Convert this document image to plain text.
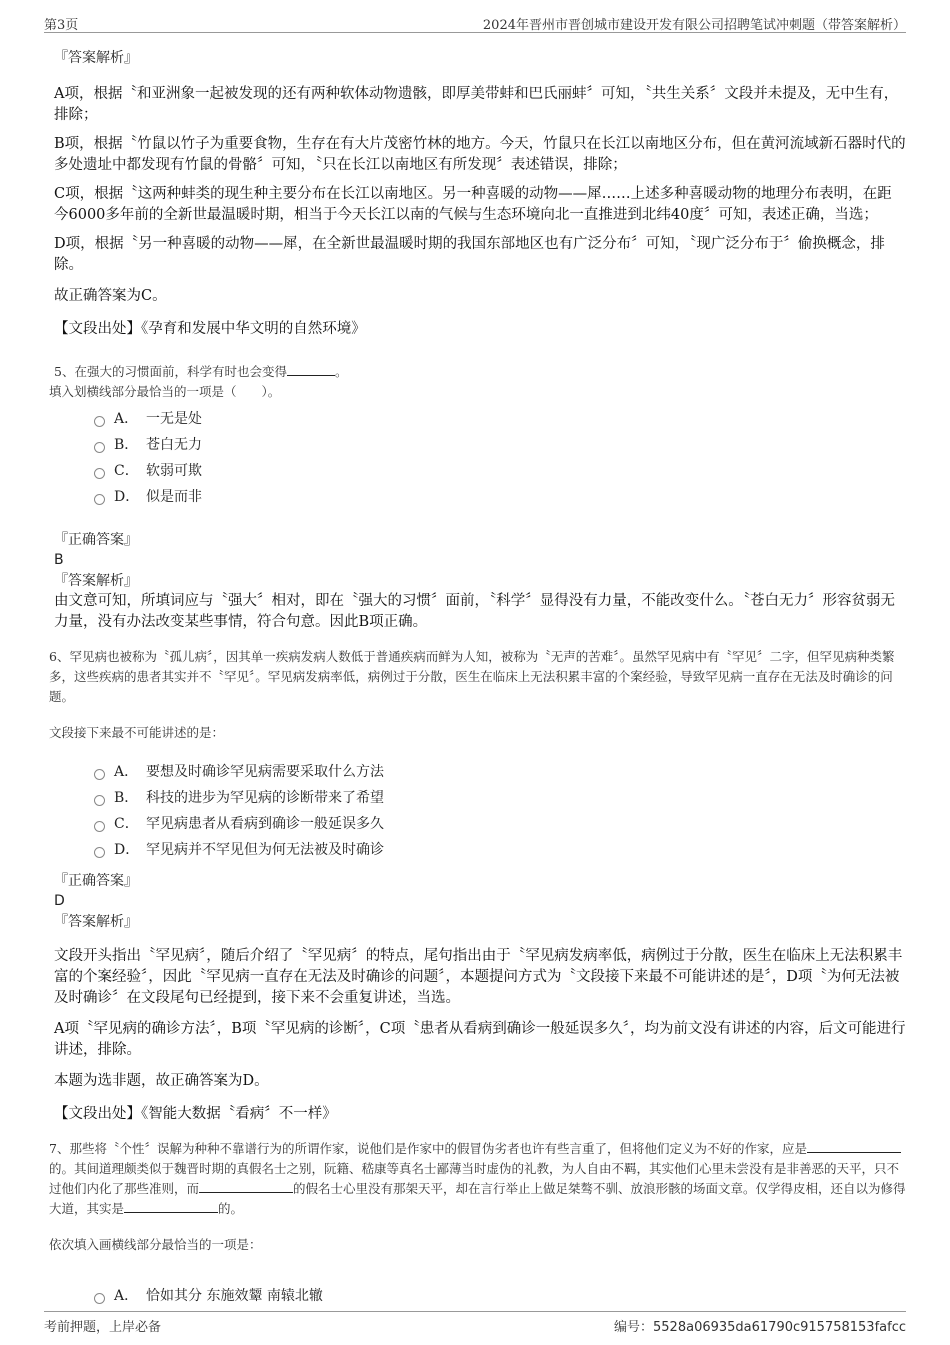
第3页	2024年晋州市晋创城市建设开发有限公司招聘笔试冲刺题（带答案解析）

『答案解析』

A项，根据〝和亚洲象一起被发现的还有两种软体动物遗骸，即厚美带蚌和巴氏丽蚌〞可知，〝共生关系〞文段并未提及，无中生有，排除；

B项，根据〝竹鼠以竹子为重要食物，生存在有大片茂密竹林的地方。今天，竹鼠只在长江以南地区分布，但在黄河流域新石器时代的多处遗址中都发现有竹鼠的骨骼〞可知，〝只在长江以南地区有所发现〞表述错误，排除；

C项，根据〝这两种蚌类的现生种主要分布在长江以南地区。另一种喜暖的动物——犀……上述多种喜暖动物的地理分布表明，在距今6000多年前的全新世最温暖时期，相当于今天长江以南的气候与生态环境向北一直推进到北纬40度〞可知，表述正确，当选；

D项，根据〝另一种喜暖的动物——犀，在全新世最温暖时期的我国东部地区也有广泛分布〞可知，〝现广泛分布于〞偷换概念，排除。

故正确答案为C。

【文段出处】《孕育和发展中华文明的自然环境》

5、在强大的习惯面前，科学有时也会变得	。

填入划横线部分最恰当的一项是（　　）。

A． 一无是处
B． 苍白无力
C． 软弱可欺
D． 似是而非

『正确答案』

B

『答案解析』

由文意可知，所填词应与〝强大〞相对，即在〝强大的习惯〞面前，〝科学〞显得没有力量，不能改变什么。〝苍白无力〞形容贫弱无力量，没有办法改变某些事情，符合句意。因此B项正确。

6、罕见病也被称为〝孤儿病〞，因其单一疾病发病人数低于普通疾病而鲜为人知，被称为〝无声的苦难〞。虽然罕见病中有〝罕见〞二字，但罕见病种类繁多，这些疾病的患者其实并不〝罕见〞。罕见病发病率低，病例过于分散，医生在临床上无法积累丰富的个案经验，导致罕见病一直存在无法及时确诊的问题。

文段接下来最不可能讲述的是：

A． 要想及时确诊罕见病需要采取什么方法
B． 科技的进步为罕见病的诊断带来了希望
C． 罕见病患者从看病到确诊一般延误多久
D． 罕见病并不罕见但为何无法被及时确诊

『正确答案』

D

『答案解析』

文段开头指出〝罕见病〞，随后介绍了〝罕见病〞的特点，尾句指出由于〝罕见病发病率低，病例过于分散，医生在临床上无法积累丰富的个案经验〞，因此〝罕见病一直存在无法及时确诊的问题〞，本题提问方式为〝文段接下来最不可能讲述的是〞，D项〝为何无法被及时确诊〞在文段尾句已经提到，接下来不会重复讲述，当选。

A项〝罕见病的确诊方法〞，B项〝罕见病的诊断〞，C项〝患者从看病到确诊一般延误多久〞，均为前文没有讲述的内容，后文可能进行讲述，排除。

本题为选非题，故正确答案为D。

【文段出处】《智能大数据〝看病〞不一样》

7、那些将〝个性〞误解为种种不靠谱行为的所谓作家，说他们是作家中的假冒伪劣者也许有些言重了，但将他们定义为不好的作家，应是的。其间道理颇类似于魏晋时期的真假名士之别，阮籍、嵇康等真名士鄙薄当时虚伪的礼教，为人自由不羁，其实他们心里未尝没有是非善恶的天平，只不过他们内化了那些准则，而	的假名士心里没有那架天平，却在言行举止上做足桀骜不驯、放浪形骸的场面文章。仅学得皮相，还自以为修得大道，其实是	的。

依次填入画横线部分最恰当的一项是：

A． 恰如其分 东施效颦 南辕北辙
考前押题，上岸必备	编号：5528a06935da61790c915758153fafcc
